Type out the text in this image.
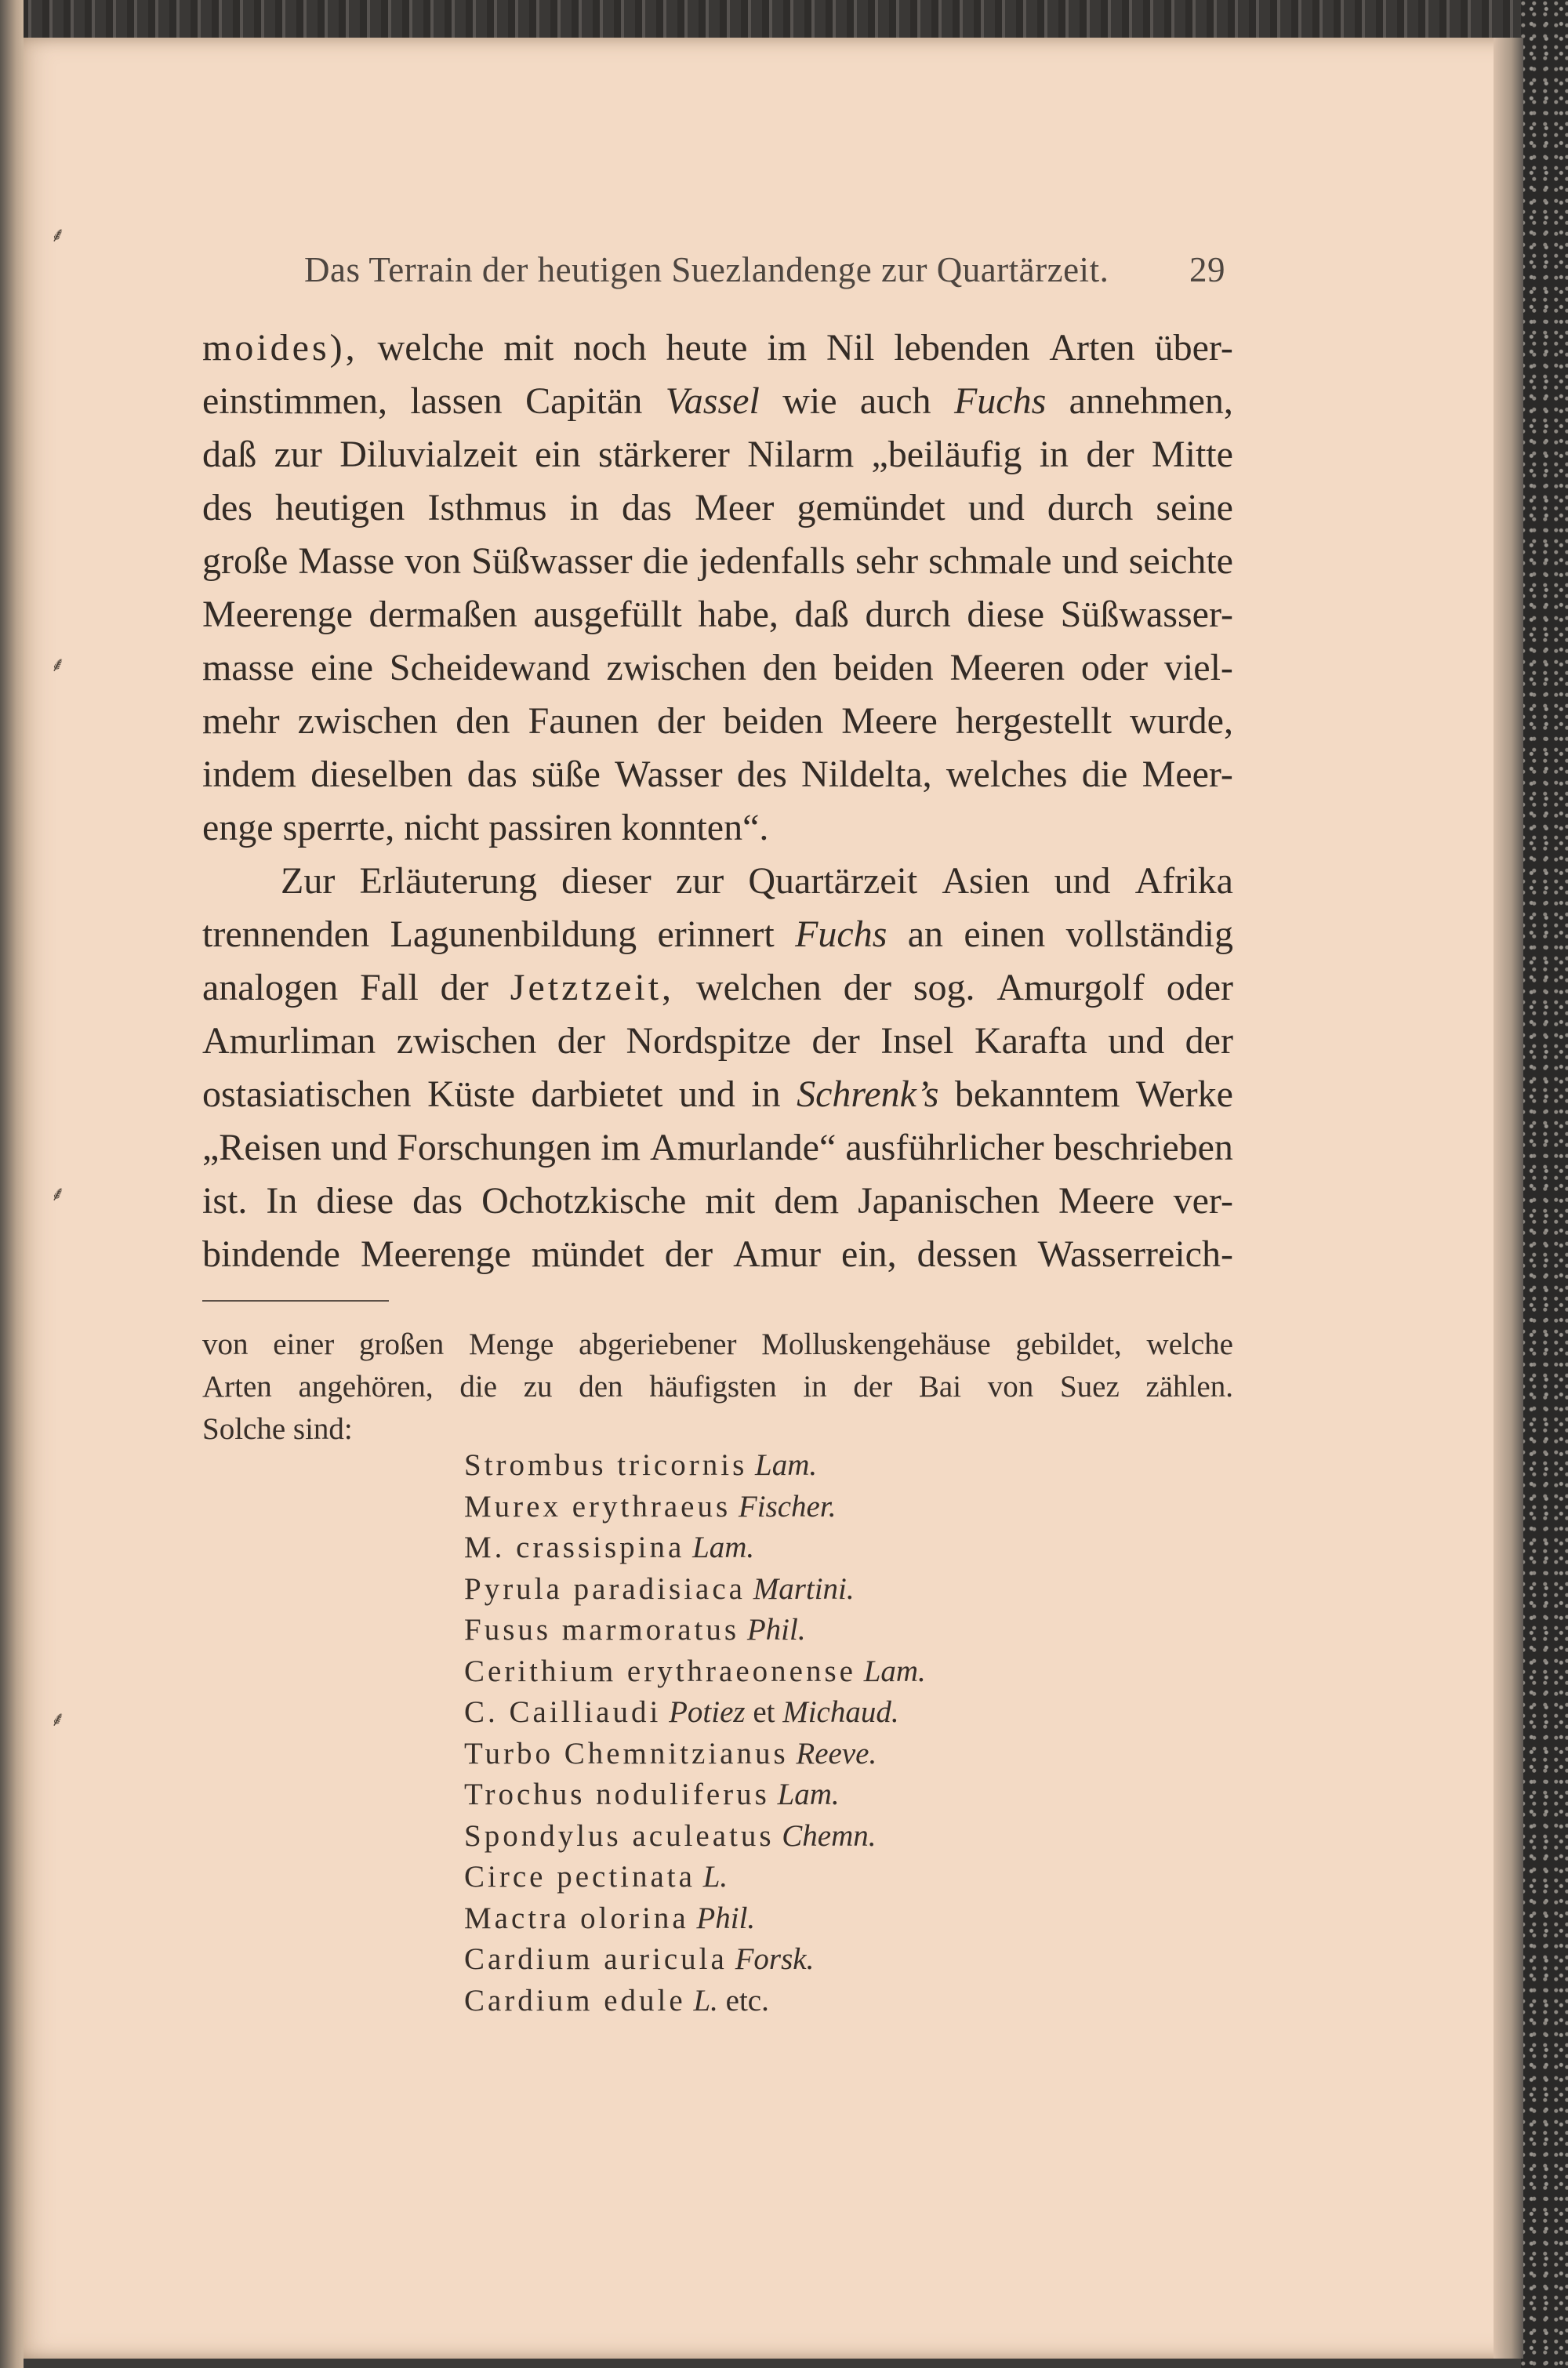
⸙
⸙
⸙
⸙
Das Terrain der heutigen Suezlandenge zur Quartärzeit. 29
moides), welche mit noch heute im Nil lebenden Arten über-
einstimmen, lassen Capitän Vassel wie auch Fuchs annehmen,
daß zur Diluvialzeit ein stärkerer Nilarm „beiläufig in der Mitte
des heutigen Isthmus in das Meer gemündet und durch seine
große Masse von Süßwasser die jedenfalls sehr schmale und seichte
Meerenge dermaßen ausgefüllt habe, daß durch diese Süßwasser-
masse eine Scheidewand zwischen den beiden Meeren oder viel-
mehr zwischen den Faunen der beiden Meere hergestellt wurde,
indem dieselben das süße Wasser des Nildelta, welches die Meer-
enge sperrte, nicht passiren konnten“.
Zur Erläuterung dieser zur Quartärzeit Asien und Afrika
trennenden Lagunenbildung erinnert Fuchs an einen vollständig
analogen Fall der Jetztzeit, welchen der sog. Amurgolf oder
Amurliman zwischen der Nordspitze der Insel Karafta und der
ostasiatischen Küste darbietet und in Schrenk’s bekanntem Werke
„Reisen und Forschungen im Amurlande“ ausführlicher beschrieben
ist. In diese das Ochotzkische mit dem Japanischen Meere ver-
bindende Meerenge mündet der Amur ein, dessen Wasserreich-
von einer großen Menge abgeriebener Molluskengehäuse gebildet, welche
Arten angehören, die zu den häufigsten in der Bai von Suez zählen.
Solche sind:
Strombus tricornis Lam.
Murex erythraeus Fischer.
M. crassispina Lam.
Pyrula paradisiaca Martini.
Fusus marmoratus Phil.
Cerithium erythraeonense Lam.
C. Cailliaudi Potiez et Michaud.
Turbo Chemnitzianus Reeve.
Trochus noduliferus Lam.
Spondylus aculeatus Chemn.
Circe pectinata L.
Mactra olorina Phil.
Cardium auricula Forsk.
Cardium edule L. etc.
